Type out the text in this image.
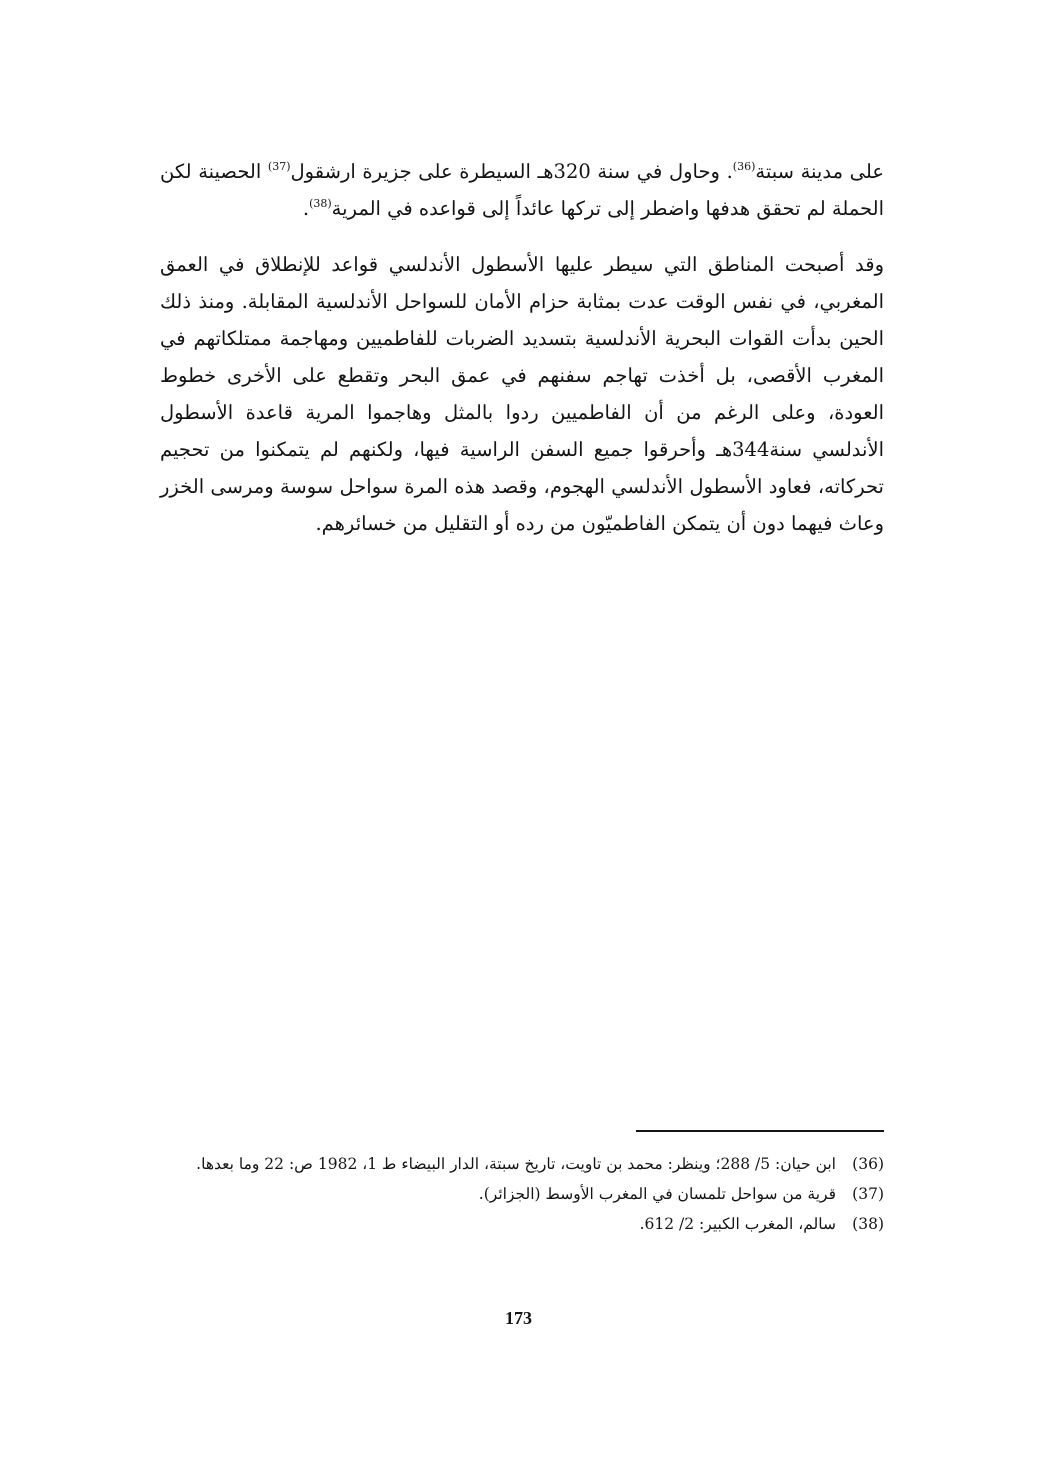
على مدينة سبتة$^{(36)}$. وحاول في سنة 320هـ السيطرة على جزيرة ارشقول$^{(37)}$ الحصينة لكن الحملة لم تحقق هدفها واضطر إلى تركها عائداً إلى قواعده في المرية$^{(38)}$.

وقد أصبحت المناطق التي سيطر عليها الأسطول الأندلسي قواعد للإنطلاق في العمق المغربي، في نفس الوقت عدت بمثابة حزام الأمان للسواحل الأندلسية المقابلة. ومنذ ذلك الحين بدأت القوات البحرية الأندلسية بتسديد الضربات للفاطميين ومهاجمة ممتلكاتهم في المغرب الأقصى، بل أخذت تهاجم سفنهم في عمق البحر وتقطع على الأخرى خطوط العودة، وعلى الرغم من أن الفاطميين ردوا بالمثل وهاجموا المرية قاعدة الأسطول الأندلسي سنة344هـ وأحرقوا جميع السفن الراسية فيها، ولكنهم لم يتمكنوا من تحجيم تحركاته، فعاود الأسطول الأندلسي الهجوم، وقصد هذه المرة سواحل سوسة ومرسى الخزر وعاث فيهما دون أن يتمكن الفاطميّون من رده أو التقليل من خسائرهم.

(36)
ابن حيان: 5/ 288؛ وينظر: محمد بن تاويت، تاريخ سبتة، الدار البيضاء ط 1، 1982 ص: 22 وما بعدها.
(37)
قرية من سواحل تلمسان في المغرب الأوسط (الجزائر).
(38)
سالم، المغرب الكبير: 2/ 612.
173
